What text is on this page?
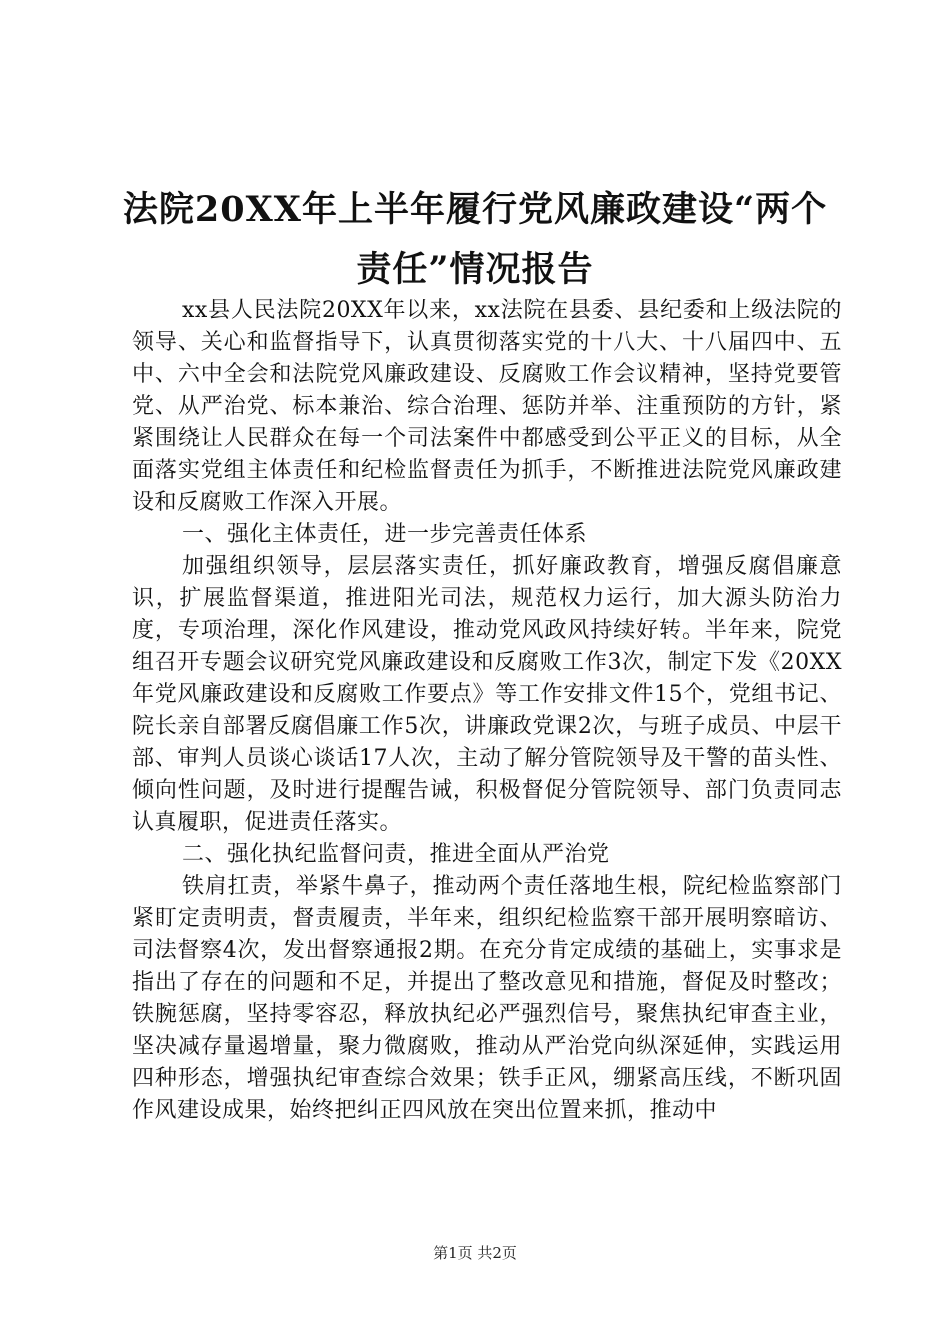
法院20XX年上半年履行党风廉政建设“两个
责任”情况报告

xx县人民法院20XX年以来，xx法院在县委、县纪委和上级法院的领导、关心和监督指导下，认真贯彻落实党的十八大、十八届四中、五中、六中全会和法院党风廉政建设、反腐败工作会议精神，坚持党要管党、从严治党、标本兼治、综合治理、惩防并举、注重预防的方针，紧紧围绕让人民群众在每一个司法案件中都感受到公平正义的目标，从全面落实党组主体责任和纪检监督责任为抓手，不断推进法院党风廉政建设和反腐败工作深入开展。

一、强化主体责任，进一步完善责任体系

加强组织领导，层层落实责任，抓好廉政教育，增强反腐倡廉意识，扩展监督渠道，推进阳光司法，规范权力运行，加大源头防治力度，专项治理，深化作风建设，推动党风政风持续好转。半年来，院党组召开专题会议研究党风廉政建设和反腐败工作3次，制定下发《20XX年党风廉政建设和反腐败工作要点》等工作安排文件15个，党组书记、院长亲自部署反腐倡廉工作5次，讲廉政党课2次，与班子成员、中层干部、审判人员谈心谈话17人次，主动了解分管院领导及干警的苗头性、倾向性问题，及时进行提醒告诫，积极督促分管院领导、部门负责同志认真履职，促进责任落实。

二、强化执纪监督问责，推进全面从严治党

铁肩扛责，举紧牛鼻子，推动两个责任落地生根，院纪检监察部门紧盯定责明责，督责履责，半年来，组织纪检监察干部开展明察暗访、司法督察4次，发出督察通报2期。在充分肯定成绩的基础上，实事求是指出了存在的问题和不足，并提出了整改意见和措施，督促及时整改；铁腕惩腐，坚持零容忍，释放执纪必严强烈信号，聚焦执纪审查主业，坚决减存量遏增量，聚力微腐败，推动从严治党向纵深延伸，实践运用四种形态，增强执纪审查综合效果；铁手正风，绷紧高压线，不断巩固作风建设成果，始终把纠正四风放在突出位置来抓，推动中

第1页 共2页
